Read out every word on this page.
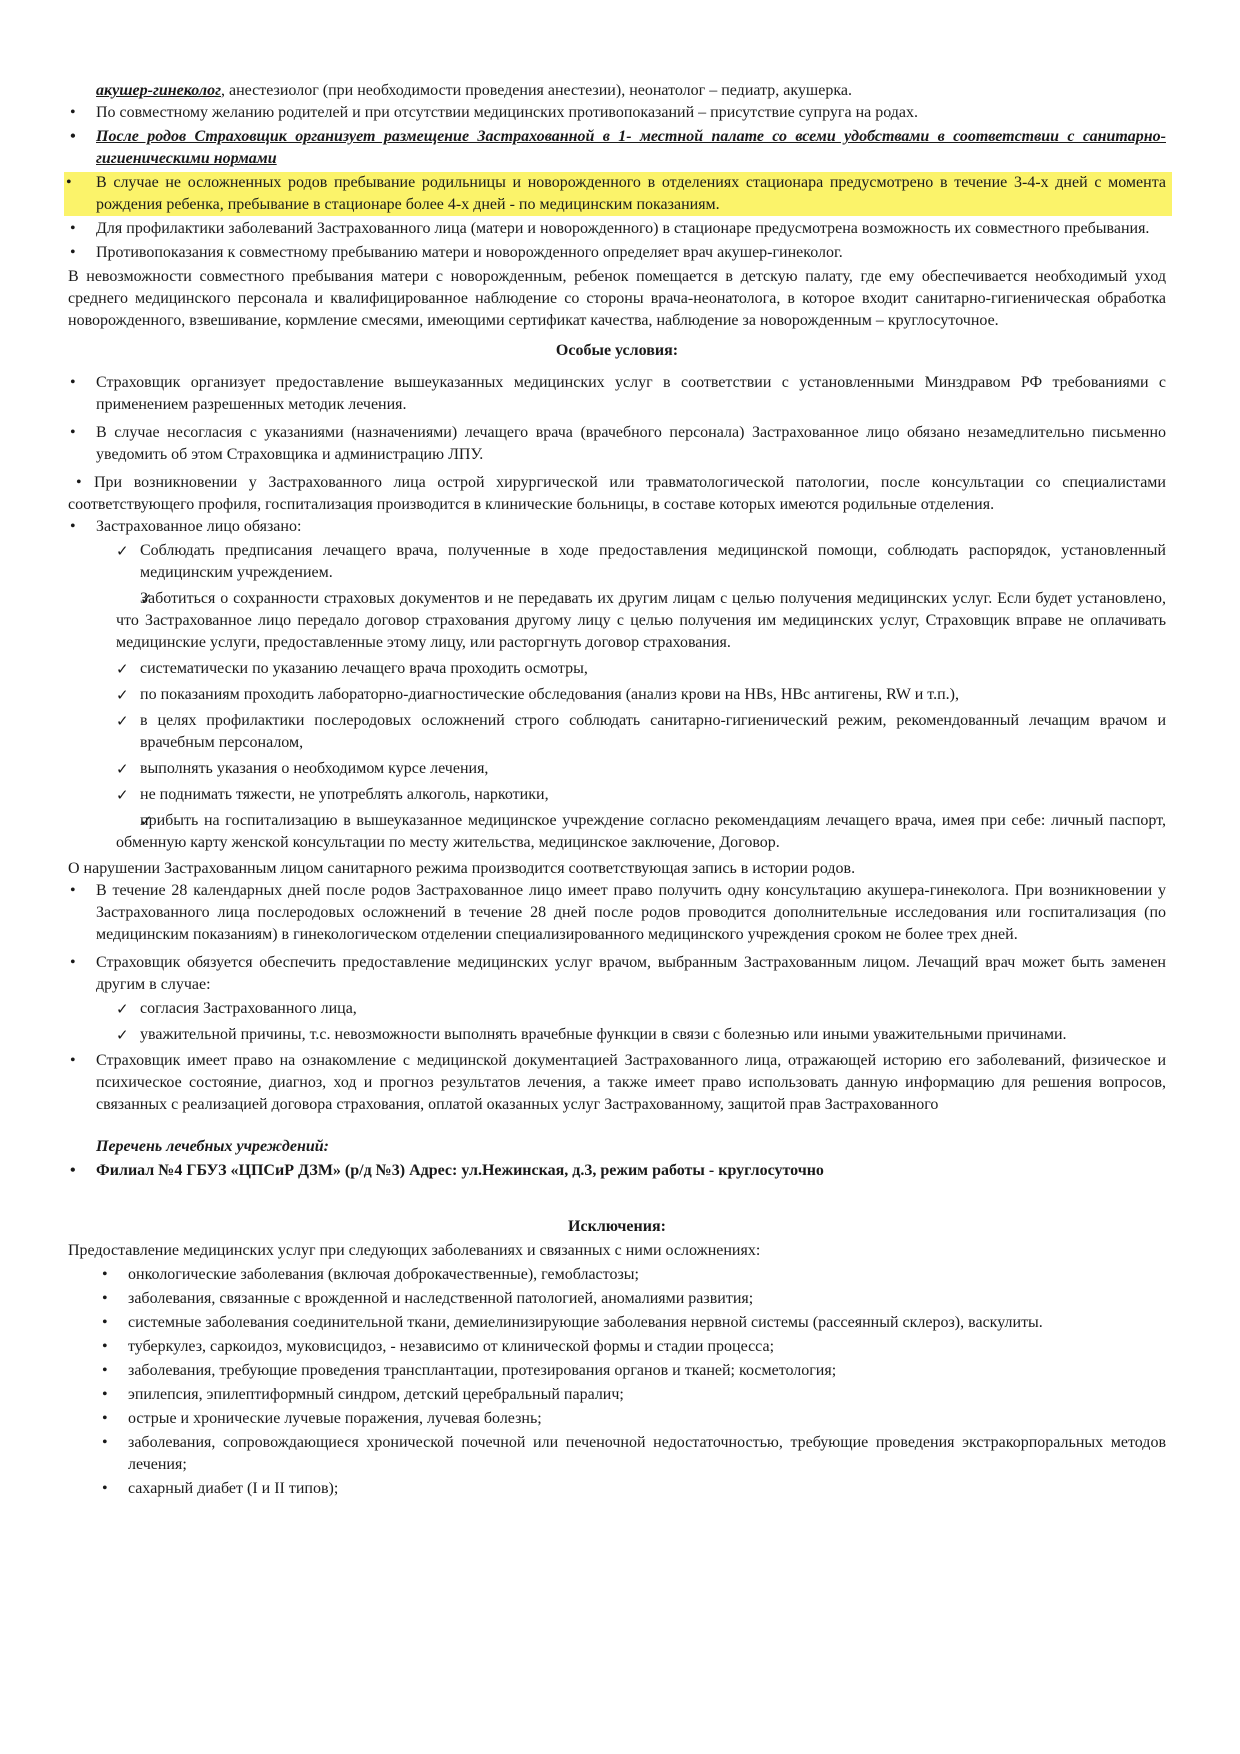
акушер-гинеколог, анестезиолог (при необходимости проведения анестезии), неонатолог – педиатр, акушерка.

• По совместному желанию родителей и при отсутствии медицинских противопоказаний – присутствие супруга на родах.

• После родов Страховщик организует размещение Застрахованной в 1- местной палате со всеми удобствами в соответствии с санитарно-гигиеническими нормами

• В случае не осложненных родов пребывание родильницы и новорожденного в отделениях стационара предусмотрено в течение 3-4-х дней с момента рождения ребенка, пребывание в стационаре более 4-х дней - по медицинским показаниям.

• Для профилактики заболеваний Застрахованного лица (матери и новорожденного) в стационаре предусмотрена возможность их совместного пребывания.

• Противопоказания к совместному пребыванию матери и новорожденного определяет врач акушер-гинеколог.

В невозможности совместного пребывания матери с новорожденным, ребенок помещается в детскую палату, где ему обеспечивается необходимый уход среднего медицинского персонала и квалифицированное наблюдение со стороны врача-неонатолога, в которое входит санитарно-гигиеническая обработка новорожденного, взвешивание, кормление смесями, имеющими сертификат качества, наблюдение за новорожденным – круглосуточное.

Особые условия:

• Страховщик организует предоставление вышеуказанных медицинских услуг в соответствии с установленными Минздравом РФ требованиями с применением разрешенных методик лечения.

• В случае несогласия с указаниями (назначениями) лечащего врача (врачебного персонала) Застрахованное лицо обязано незамедлительно письменно уведомить об этом Страховщика и администрацию ЛПУ.

• При возникновении у Застрахованного лица острой хирургической или травматологической патологии, после консультации со специалистами соответствующего профиля, госпитализация производится в клинические больницы, в составе которых имеются родильные отделения.

• Застрахованное лицо обязано:

✓ Соблюдать предписания лечащего врача, полученные в ходе предоставления медицинской помощи, соблюдать распорядок, установленный медицинским учреждением.

✓ Заботиться о сохранности страховых документов и не передавать их другим лицам с целью получения медицинских услуг. Если будет установлено, что Застрахованное лицо передало договор страхования другому лицу с целью получения им медицинских услуг, Страховщик вправе не оплачивать медицинские услуги, предоставленные этому лицу, или расторгнуть договор страхования.

✓ систематически по указанию лечащего врача проходить осмотры,

✓ по показаниям проходить лабораторно-диагностические обследования (анализ крови на HBs, HBc антигены, RW и т.п.),

✓ в целях профилактики послеродовых осложнений строго соблюдать санитарно-гигиенический режим, рекомендованный лечащим врачом и врачебным персоналом,

✓ выполнять указания о необходимом курсе лечения,

✓ не поднимать тяжести, не употреблять алкоголь, наркотики,

✓ прибыть на госпитализацию в вышеуказанное медицинское учреждение согласно рекомендациям лечащего врача, имея при себе: личный паспорт, обменную карту женской консультации по месту жительства, медицинское заключение, Договор.

О нарушении Застрахованным лицом санитарного режима производится соответствующая запись в истории родов.

• В течение 28 календарных дней после родов Застрахованное лицо имеет право получить одну консультацию акушера-гинеколога. При возникновении у Застрахованного лица послеродовых осложнений в течение 28 дней после родов проводится дополнительные исследования или госпитализация (по медицинским показаниям) в гинекологическом отделении специализированного медицинского учреждения сроком не более трех дней.

• Страховщик обязуется обеспечить предоставление медицинских услуг врачом, выбранным Застрахованным лицом. Лечащий врач может быть заменен другим в случае:

✓ согласия Застрахованного лица,

✓ уважительной причины, т.с. невозможности выполнять врачебные функции в связи с болезнью или иными уважительными причинами.

• Страховщик имеет право на ознакомление с медицинской документацией Застрахованного лица, отражающей историю его заболеваний, физическое и психическое состояние, диагноз, ход и прогноз результатов лечения, а также имеет право использовать данную информацию для решения вопросов, связанных с реализацией договора страхования, оплатой оказанных услуг Застрахованному, защитой прав Застрахованного

Перечень лечебных учреждений:

• Филиал №4 ГБУЗ «ЦПСиР ДЗМ» (р/д №3) Адрес: ул.Нежинская, д.3, режим работы - круглосуточно

Исключения:

Предоставление медицинских услуг при следующих заболеваниях и связанных с ними осложнениях:

• онкологические заболевания (включая доброкачественные), гемобластозы;

• заболевания, связанные с врожденной и наследственной патологией, аномалиями развития;

• системные заболевания соединительной ткани, демиелинизирующие заболевания нервной системы (рассеянный склероз), васкулиты.

• туберкулез, саркоидоз, муковисцидоз, - независимо от клинической формы и стадии процесса;

• заболевания, требующие проведения трансплантации, протезирования органов и тканей; косметология;

• эпилепсия, эпилептиформный синдром, детский церебральный паралич;

• острые и хронические лучевые поражения, лучевая болезнь;

• заболевания, сопровождающиеся хронической почечной или печеночной недостаточностью, требующие проведения экстракорпоральных методов лечения;

• сахарный диабет (I и II типов);
